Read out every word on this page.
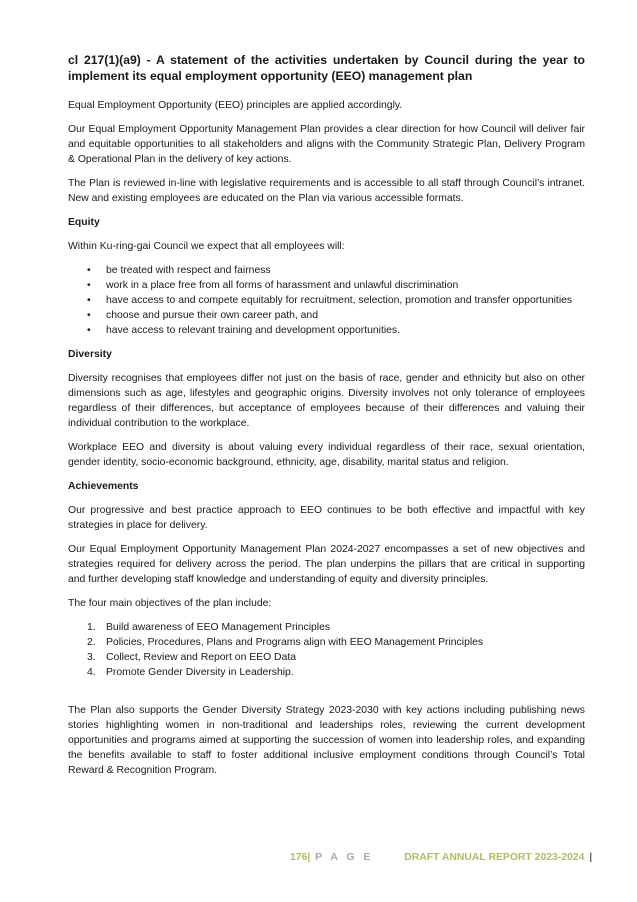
cl 217(1)(a9) - A statement of the activities undertaken by Council during the year to implement its equal employment opportunity (EEO) management plan

Equal Employment Opportunity (EEO) principles are applied accordingly.

Our Equal Employment Opportunity Management Plan provides a clear direction for how Council will deliver fair and equitable opportunities to all stakeholders and aligns with the Community Strategic Plan, Delivery Program & Operational Plan in the delivery of key actions.

The Plan is reviewed in-line with legislative requirements and is accessible to all staff through Council’s intranet. New and existing employees are educated on the Plan via various accessible formats.

Equity

Within Ku-ring-gai Council we expect that all employees will:

• be treated with respect and fairness
• work in a place free from all forms of harassment and unlawful discrimination
• have access to and compete equitably for recruitment, selection, promotion and transfer opportunities
• choose and pursue their own career path, and
• have access to relevant training and development opportunities.
Diversity

Diversity recognises that employees differ not just on the basis of race, gender and ethnicity but also on other dimensions such as age, lifestyles and geographic origins. Diversity involves not only tolerance of employees regardless of their differences, but acceptance of employees because of their differences and valuing their individual contribution to the workplace.

Workplace EEO and diversity is about valuing every individual regardless of their race, sexual orientation, gender identity, socio-economic background, ethnicity, age, disability, marital status and religion.

Achievements

Our progressive and best practice approach to EEO continues to be both effective and impactful with key strategies in place for delivery.

Our Equal Employment Opportunity Management Plan 2024-2027 encompasses a set of new objectives and strategies required for delivery across the period. The plan underpins the pillars that are critical in supporting and further developing staff knowledge and understanding of equity and diversity principles.

The four main objectives of the plan include:

1. Build awareness of EEO Management Principles
2. Policies, Procedures, Plans and Programs align with EEO Management Principles
3. Collect, Review and Report on EEO Data
4. Promote Gender Diversity in Leadership.

The Plan also supports the Gender Diversity Strategy 2023-2030 with key actions including publishing news stories highlighting women in non-traditional and leaderships roles, reviewing the current development opportunities and programs aimed at supporting the succession of women into leadership roles, and expanding the benefits available to staff to foster additional inclusive employment conditions through Council’s Total Reward & Recognition Program.

176| P A G E	DRAFT ANNUAL REPORT 2023-2024 |
